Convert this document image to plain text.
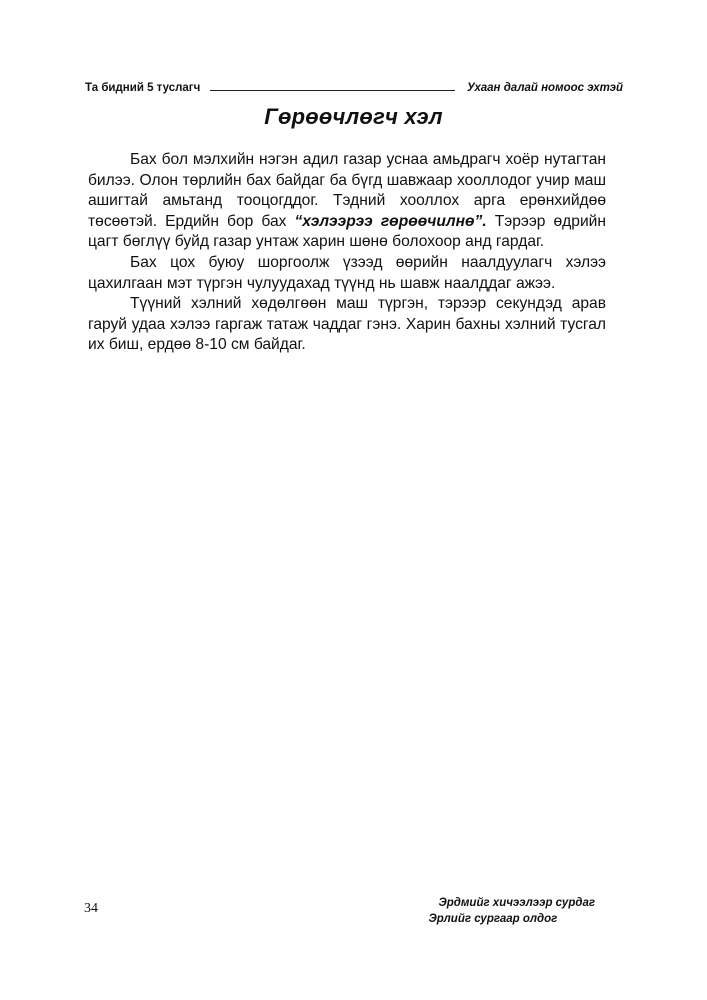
Та бидний 5 туслагч	Ухаан далай номоос эхтэй
Гөрөөчлөгч хэл

Бах бол мэлхийн нэгэн адил газар уснаа амьдрагч хоёр нутагтан билээ. Олон төрлийн бах байдаг ба бүгд шавжаар хооллодог учир маш ашигтай амьтанд тооцогддог. Тэдний хооллох арга ерөнхийдөө төсөөтэй. Ердийн бор бах “хэлээрээ гөрөөчилнө”. Тэрээр өдрийн цагт бөглүү буйд газар унтаж харин шөнө болохоор анд гардаг.

Бах цох буюу шоргоолж үзээд өөрийн наалдуулагч хэлээ цахилгаан мэт түргэн чулуудахад түүнд нь шавж наалддаг ажээ.

Түүний хэлний хөдөлгөөн маш түргэн, тэрээр секундэд арав гаруй удаа хэлээ гаргаж татаж чаддаг гэнэ. Харин бахны хэлний тусгал их биш, ердөө 8-10 см байдаг.

34	Эрдмийг хичээлээр сурдаг
Эрлийг сургаар олдог
